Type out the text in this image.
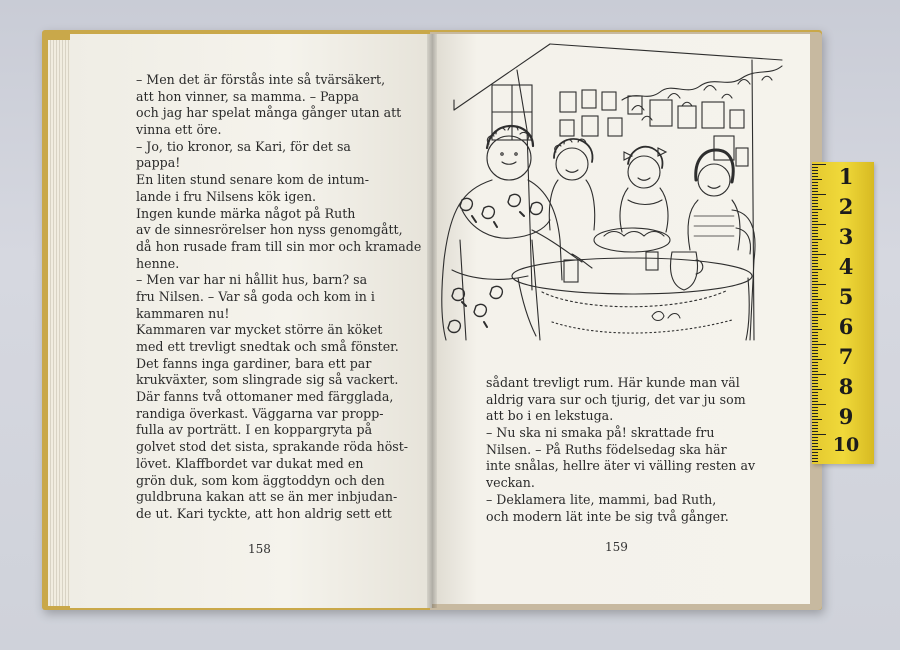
– Men det är förstås inte så tvärsäkert,
att hon vinner, sa mamma. – Pappa
och jag har spelat många gånger utan att
vinna ett öre.
– Jo, tio kronor, sa Kari, för det sa
pappa!
En liten stund senare kom de intum-
lande i fru Nilsens kök igen.
Ingen kunde märka något på Ruth
av de sinnesrörelser hon nyss genomgått,
då hon rusade fram till sin mor och kramade
henne.
– Men var har ni hållit hus, barn? sa
fru Nilsen. – Var så goda och kom in i
kammaren nu!
Kammaren var mycket större än köket
med ett trevligt snedtak och små fönster.
Det fanns inga gardiner, bara ett par
krukväxter, som slingrade sig så vackert.
Där fanns två ottomaner med färgglada,
randiga överkast. Väggarna var propp-
fulla av porträtt. I en koppargryta på
golvet stod det sista, sprakande röda höst-
lövet. Klaffbordet var dukat med en
grön duk, som kom äggtoddyn och den
guldbruna kakan att se än mer inbjudan-
de ut. Kari tyckte, att hon aldrig sett ett
158
sådant trevligt rum. Här kunde man väl
aldrig vara sur och tjurig, det var ju som
att bo i en lekstuga.
– Nu ska ni smaka på! skrattade fru
Nilsen. – På Ruths födelsedag ska här
inte snålas, hellre äter vi välling resten av
veckan.
– Deklamera lite, mammi, bad Ruth,
och modern lät inte be sig två gånger.
159
1
2
3
4
5
6
7
8
9
10
